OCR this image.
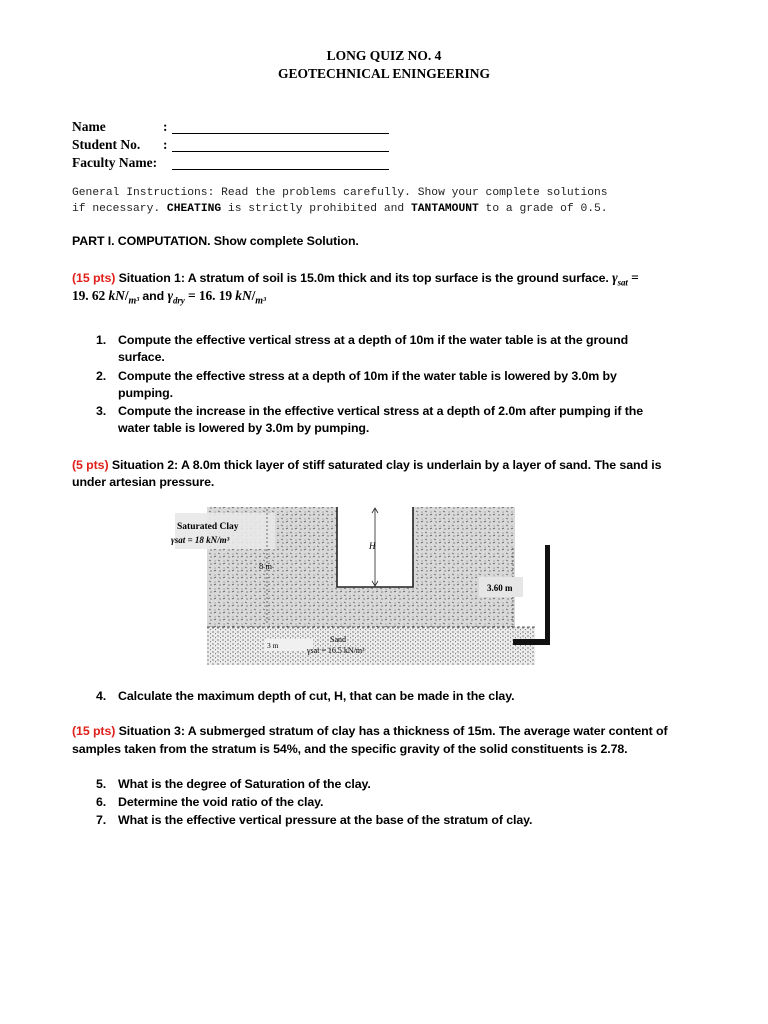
LONG QUIZ NO. 4
GEOTECHNICAL ENINGEERING
Name	:
Student No. :
Faculty Name:
General Instructions: Read the problems carefully. Show your complete solutions
if necessary. CHEATING is strictly prohibited and TANTAMOUNT to a grade of 0.5.
PART I. COMPUTATION. Show complete Solution.
(15 pts) Situation 1: A stratum of soil is 15.0m thick and its top surface is the ground surface. $\gamma_{sat}$ =
19. 62 $kN/_{m^3}$ and $\gamma_{dry} = 16$. 19 $kN/_{m^3}$
1. Compute the effective vertical stress at a depth of 10m if the water table is at the ground
surface.
2. Compute the effective stress at a depth of 10m if the water table is lowered by 3.0m by
pumping.
3. Compute the increase in the effective vertical stress at a depth of 2.0m after pumping if the
water table is lowered by 3.0m by pumping.
(5 pts) Situation 2: A 8.0m thick layer of stiff saturated clay is underlain by a layer of sand. The sand is
under artesian pressure.
Saturated Clay
γsat = 18 kN/m³
8 m
H
3.60 m
3 m
Sand
γsat = 16.5 kN/m³
4. Calculate the maximum depth of cut, H, that can be made in the clay.
(15 pts) Situation 3: A submerged stratum of clay has a thickness of 15m. The average water content of
samples taken from the stratum is 54%, and the specific gravity of the solid constituents is 2.78.
5. What is the degree of Saturation of the clay.
6. Determine the void ratio of the clay.
7. What is the effective vertical pressure at the base of the stratum of clay.
